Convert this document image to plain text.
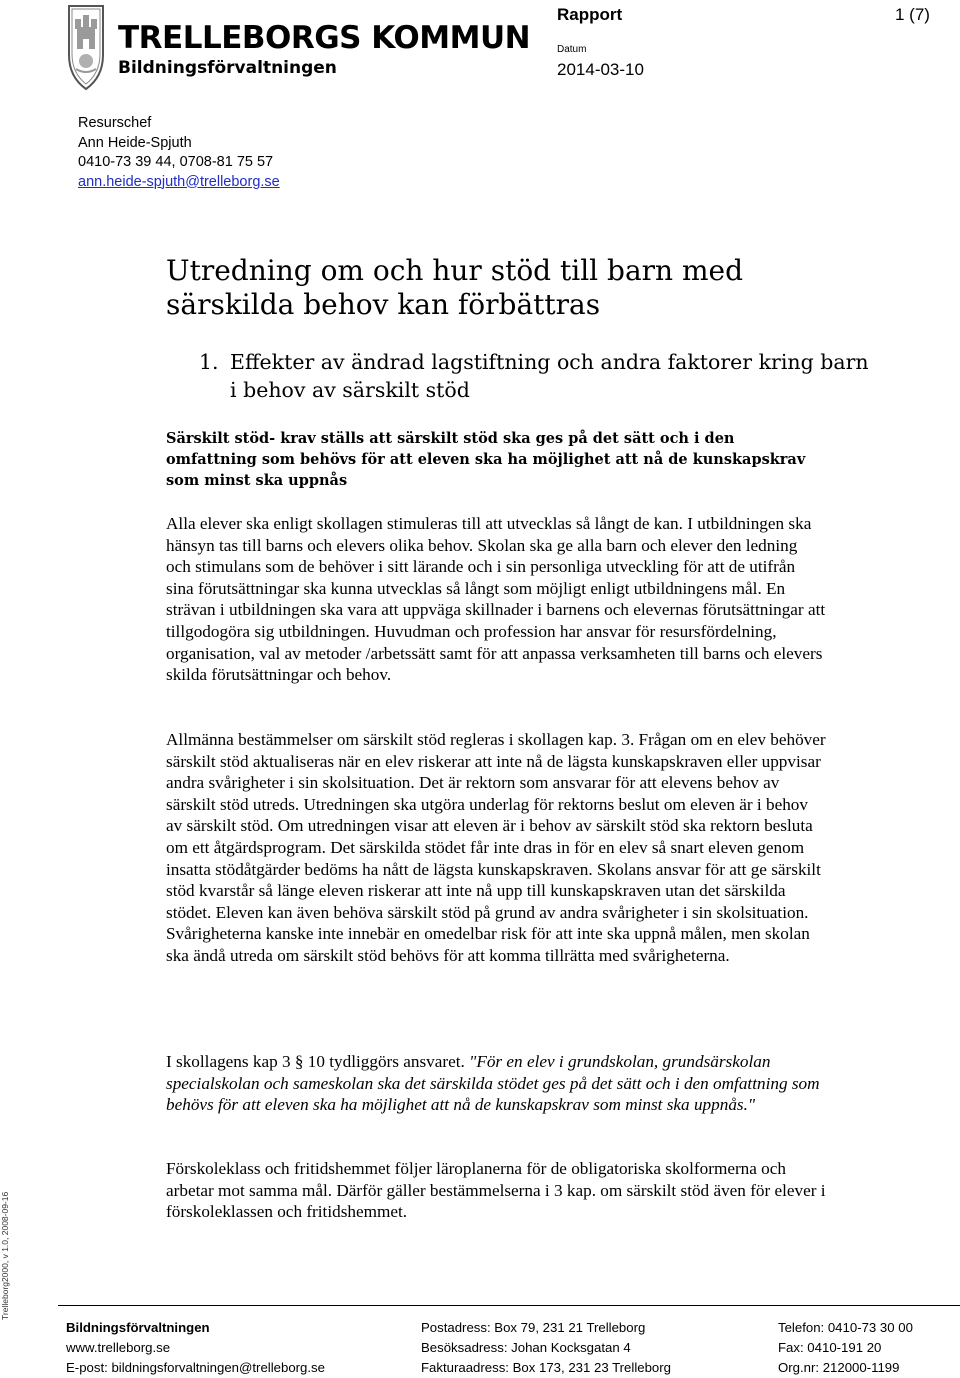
TRELLEBORGS KOMMUN
Bildningsförvaltningen
Rapport	1 (7)
Datum
2014-03-10
Resurschef
Ann Heide-Spjuth
0410-73 39 44, 0708-81 75 57
ann.heide-spjuth@trelleborg.se
Utredning om och hur stöd till barn med särskilda behov kan förbättras
1. Effekter av ändrad lagstiftning och andra faktorer kring barn i behov av särskilt stöd
Särskilt stöd- krav ställs att särskilt stöd ska ges på det sätt och i den omfattning som behövs för att eleven ska ha möjlighet att nå de kunskapskrav som minst ska uppnås
Alla elever ska enligt skollagen stimuleras till att utvecklas så långt de kan. I utbildningen ska hänsyn tas till barns och elevers olika behov. Skolan ska ge alla barn och elever den ledning och stimulans som de behöver i sitt lärande och i sin personliga utveckling för att de utifrån sina förutsättningar ska kunna utvecklas så långt som möjligt enligt utbildningens mål. En strävan i utbildningen ska vara att uppväga skillnader i barnens och elevernas förutsättningar att tillgodogöra sig utbildningen. Huvudman och profession har ansvar för resursfördelning, organisation, val av metoder /arbetssätt samt för att anpassa verksamheten till barns och elevers skilda förutsättningar och behov.
Allmänna bestämmelser om särskilt stöd regleras i skollagen kap. 3. Frågan om en elev behöver särskilt stöd aktualiseras när en elev riskerar att inte nå de lägsta kunskapskraven eller uppvisar andra svårigheter i sin skolsituation. Det är rektorn som ansvarar för att elevens behov av särskilt stöd utreds. Utredningen ska utgöra underlag för rektorns beslut om eleven är i behov av särskilt stöd. Om utredningen visar att eleven är i behov av särskilt stöd ska rektorn besluta om ett åtgärdsprogram. Det särskilda stödet får inte dras in för en elev så snart eleven genom insatta stödåtgärder bedöms ha nått de lägsta kunskapskraven. Skolans ansvar för att ge särskilt stöd kvarstår så länge eleven riskerar att inte nå upp till kunskapskraven utan det särskilda stödet. Eleven kan även behöva särskilt stöd på grund av andra svårigheter i sin skolsituation. Svårigheterna kanske inte innebär en omedelbar risk för att inte ska uppnå målen, men skolan ska ändå utreda om särskilt stöd behövs för att komma tillrätta med svårigheterna.
I skollagens kap 3 § 10 tydliggörs ansvaret. "För en elev i grundskolan, grundsärskolan specialskolan och sameskolan ska det särskilda stödet ges på det sätt och i den omfattning som behövs för att eleven ska ha möjlighet att nå de kunskapskrav som minst ska uppnås."
Förskoleklass och fritidshemmet följer läroplanerna för de obligatoriska skolformerna och arbetar mot samma mål. Därför gäller bestämmelserna i 3 kap. om särskilt stöd även för elever i förskoleklassen och fritidshemmet.
Trelleborg2000, v 1.0, 2008-09-16
Bildningsförvaltningen
www.trelleborg.se
E-post: bildningsforvaltningen@trelleborg.se
Postadress: Box 79, 231 21 Trelleborg
Besöksadress: Johan Kocksgatan 4
Fakturaadress: Box 173, 231 23 Trelleborg
Telefon: 0410-73 30 00
Fax: 0410-191 20
Org.nr: 212000-1199
